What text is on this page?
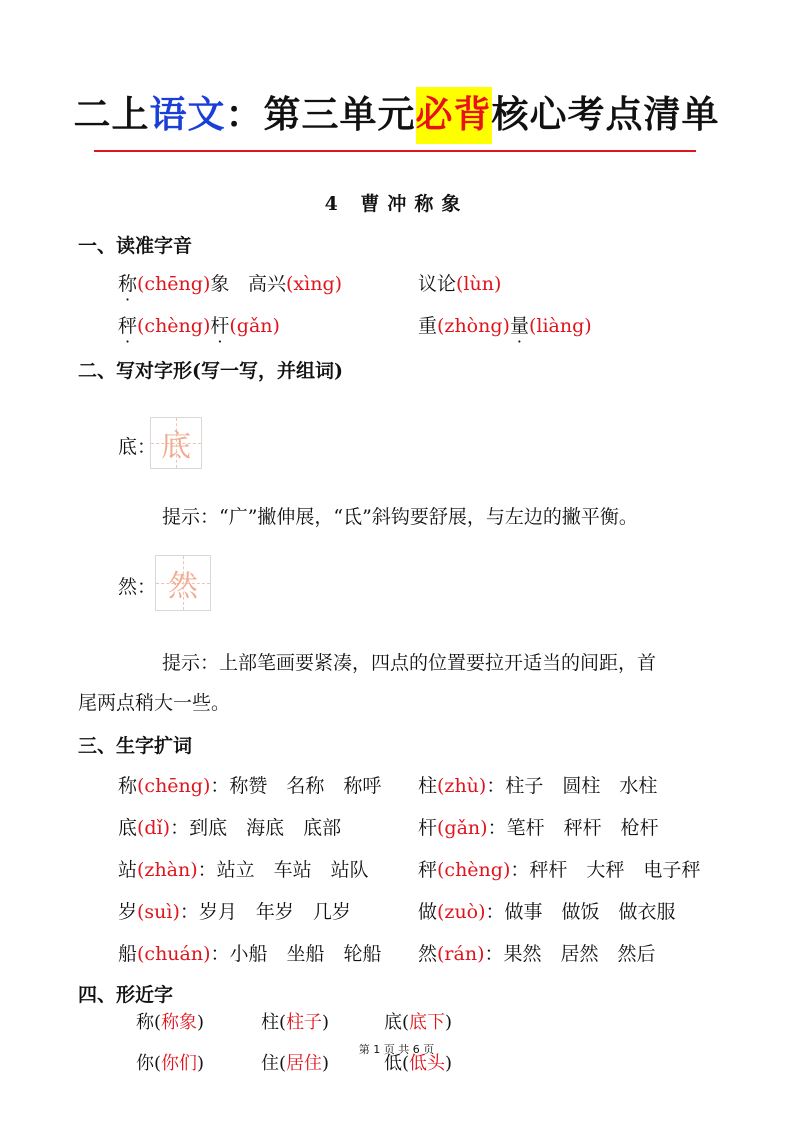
二上语文：第三单元必背核心考点清单
4 曹冲称象
一、读准字音
称(chēng)象 高兴(xìng)	议论(lùn)
秤(chèng)杆(gǎn)	重(zhòng)量(liàng)
二、写对字形(写一写，并组词)
底： 底
提示：“广”撇伸展，“氐”斜钩要舒展，与左边的撇平衡。
然： 然
提示：上部笔画要紧凑，四点的位置要拉开适当的间距，首
尾两点稍大一些。
三、生字扩词
称(chēng)：称赞　名称　称呼 柱(zhù)：柱子　圆柱　水柱
底(dǐ)：到底　海底　底部	杆(gǎn)：笔杆　秤杆　枪杆
站(zhàn)：站立　车站　站队	秤(chèng)：秤杆　大秤　电子秤
岁(suì)：岁月　年岁　几岁	做(zuò)：做事　做饭　做衣服
船(chuán)：小船　坐船　轮船 然(rán)：果然　居然　然后
四、形近字
称(称象)	柱(柱子)	底(底下)
你(你们)	住(居住)	低(低头)
第 1 页 共 6 页
